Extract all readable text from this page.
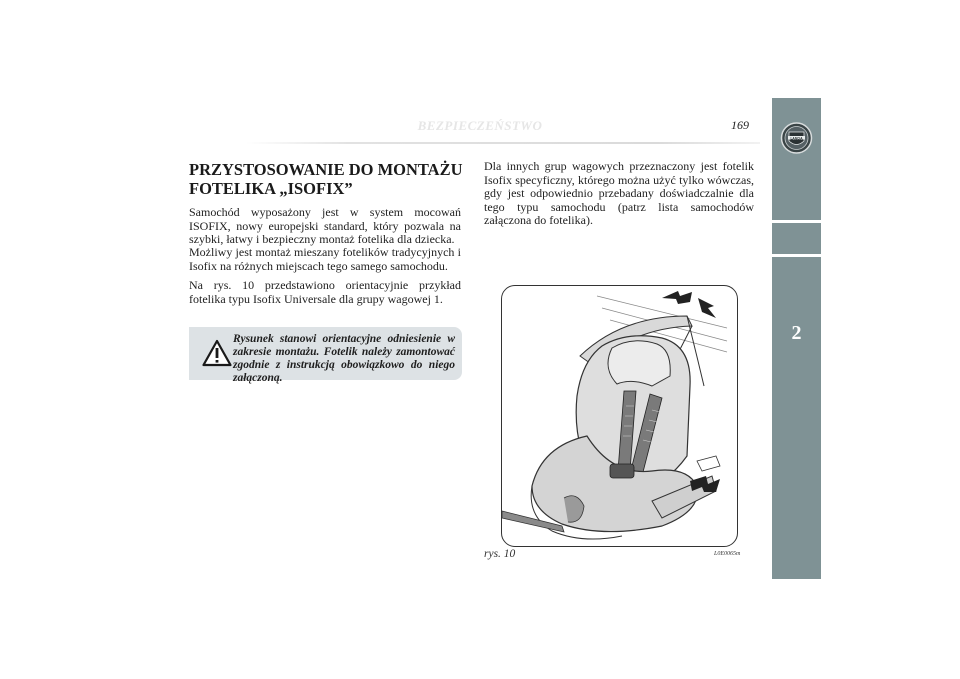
BEZPIECZEŃSTWO	169
LANCIA
2
PRZYSTOSOWANIE DO MONTAŻU
FOTELIKA „ISOFIX”

Samochód wyposażony jest w system mocowań ISOFIX, nowy europejski standard, który pozwala na szybki, łatwy i bezpieczny montaż fotelika dla dziecka.

Możliwy jest montaż mieszany fotelików tradycyjnych i Isofix na różnych miejscach tego samego samochodu.

Na rys. 10 przedstawiono orientacyjnie przykład fotelika typu Isofix Universale dla grupy wagowej 1.

Rysunek stanowi orientacyjne odniesienie w zakresie montażu. Fotelik należy zamontować zgodnie z instrukcją obowiązkowo do niego załączoną.

Dla innych grup wagowych przeznaczony jest fotelik Isofix specyficzny, którego można użyć tylko wówczas, gdy jest odpowiednio przebadany doświadczalnie dla tego typu samochodu (patrz lista samochodów załączona do fotelika).

rys. 10	L0E0065m
